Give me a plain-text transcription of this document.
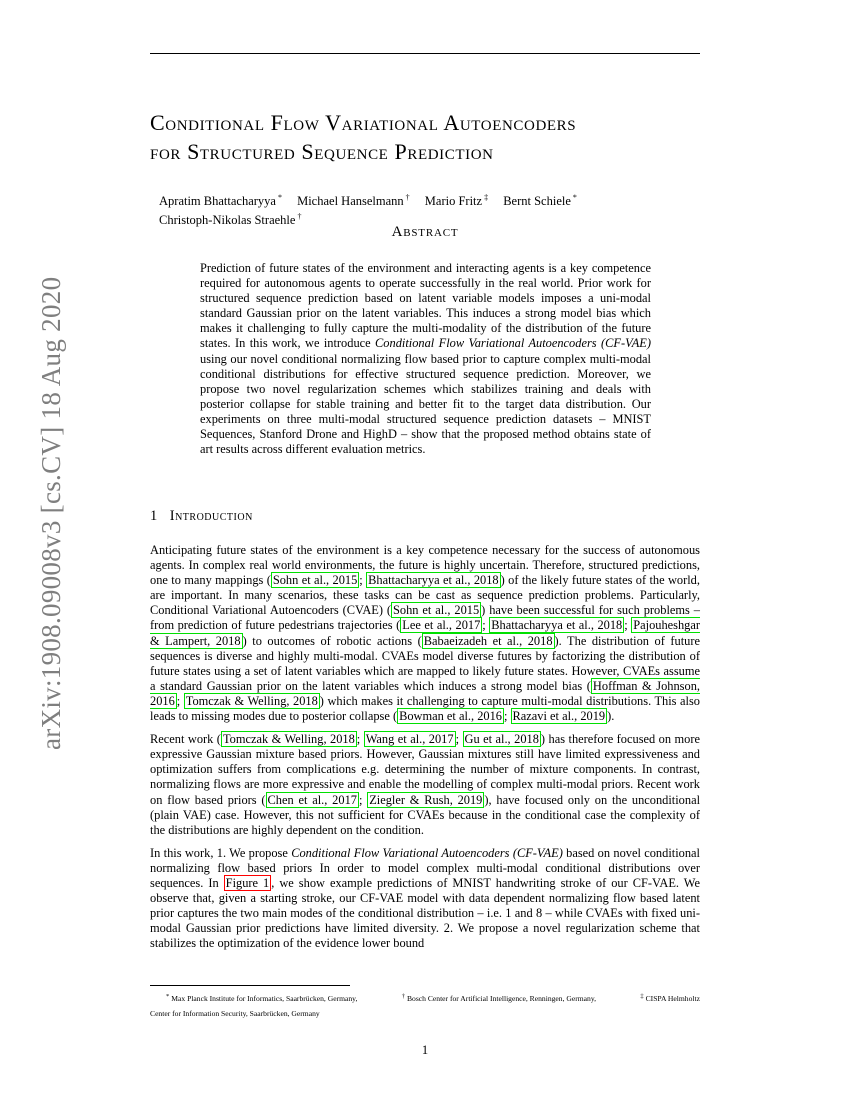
arXiv:1908.09008v3 [cs.CV] 18 Aug 2020
Conditional Flow Variational Autoencoders
for Structured Sequence Prediction
Apratim Bhattacharyya * Michael Hanselmann † Mario Fritz ‡ Bernt Schiele *
Christoph-Nikolas Straehle †
Abstract

Prediction of future states of the environment and interacting agents is a key competence required for autonomous agents to operate successfully in the real world. Prior work for structured sequence prediction based on latent variable models imposes a uni-modal standard Gaussian prior on the latent variables. This induces a strong model bias which makes it challenging to fully capture the multi-modality of the distribution of the future states. In this work, we introduce Conditional Flow Variational Autoencoders (CF-VAE) using our novel conditional normalizing flow based prior to capture complex multi-modal conditional distributions for effective structured sequence prediction. Moreover, we propose two novel regularization schemes which stabilizes training and deals with posterior collapse for stable training and better fit to the target data distribution. Our experiments on three multi-modal structured sequence prediction datasets – MNIST Sequences, Stanford Drone and HighD – show that the proposed method obtains state of art results across different evaluation metrics.

1 Introduction

Anticipating future states of the environment is a key competence necessary for the success of autonomous agents. In complex real world environments, the future is highly uncertain. Therefore, structured predictions, one to many mappings ( Sohn et al., 2015 ; Bhattacharyya et al., 2018 ) of the likely future states of the world, are important. In many scenarios, these tasks can be cast as sequence prediction problems. Particularly, Conditional Variational Autoencoders (CVAE) ( Sohn et al., 2015 ) have been successful for such problems – from prediction of future pedestrians trajectories ( Lee et al., 2017 ; Bhattacharyya et al., 2018 ; Pajouheshgar & Lampert, 2018 ) to outcomes of robotic actions ( Babaeizadeh et al., 2018 ). The distribution of future sequences is diverse and highly multi-modal. CVAEs model diverse futures by factorizing the distribution of future states using a set of latent variables which are mapped to likely future states. However, CVAEs assume a standard Gaussian prior on the latent variables which induces a strong model bias ( Hoffman & Johnson, 2016 ; Tomczak & Welling, 2018 ) which makes it challenging to capture multi-modal distributions. This also leads to missing modes due to posterior collapse ( Bowman et al., 2016 ; Razavi et al., 2019 ).

Recent work ( Tomczak & Welling, 2018 ; Wang et al., 2017 ; Gu et al., 2018 ) has therefore focused on more expressive Gaussian mixture based priors. However, Gaussian mixtures still have limited expressiveness and optimization suffers from complications e.g. determining the number of mixture components. In contrast, normalizing flows are more expressive and enable the modelling of complex multi-modal priors. Recent work on flow based priors ( Chen et al., 2017 ; Ziegler & Rush, 2019 ), have focused only on the unconditional (plain VAE) case. However, this not sufficient for CVAEs because in the conditional case the complexity of the distributions are highly dependent on the condition.

In this work, 1. We propose Conditional Flow Variational Autoencoders (CF-VAE) based on novel conditional normalizing flow based priors In order to model complex multi-modal conditional distributions over sequences. In Figure 1 , we show example predictions of MNIST handwriting stroke of our CF-VAE. We observe that, given a starting stroke, our CF-VAE model with data dependent normalizing flow based latent prior captures the two main modes of the conditional distribution – i.e. 1 and 8 – while CVAEs with fixed uni-modal Gaussian prior predictions have limited diversity. 2. We propose a novel regularization scheme that stabilizes the optimization of the evidence lower bound

* Max Planck Institute for Informatics, Saarbrücken, Germany,	† Bosch Center for Artificial Intelligence, Renningen, Germany,	‡ CISPA Helmholtz
Center for Information Security, Saarbrücken, Germany
1
